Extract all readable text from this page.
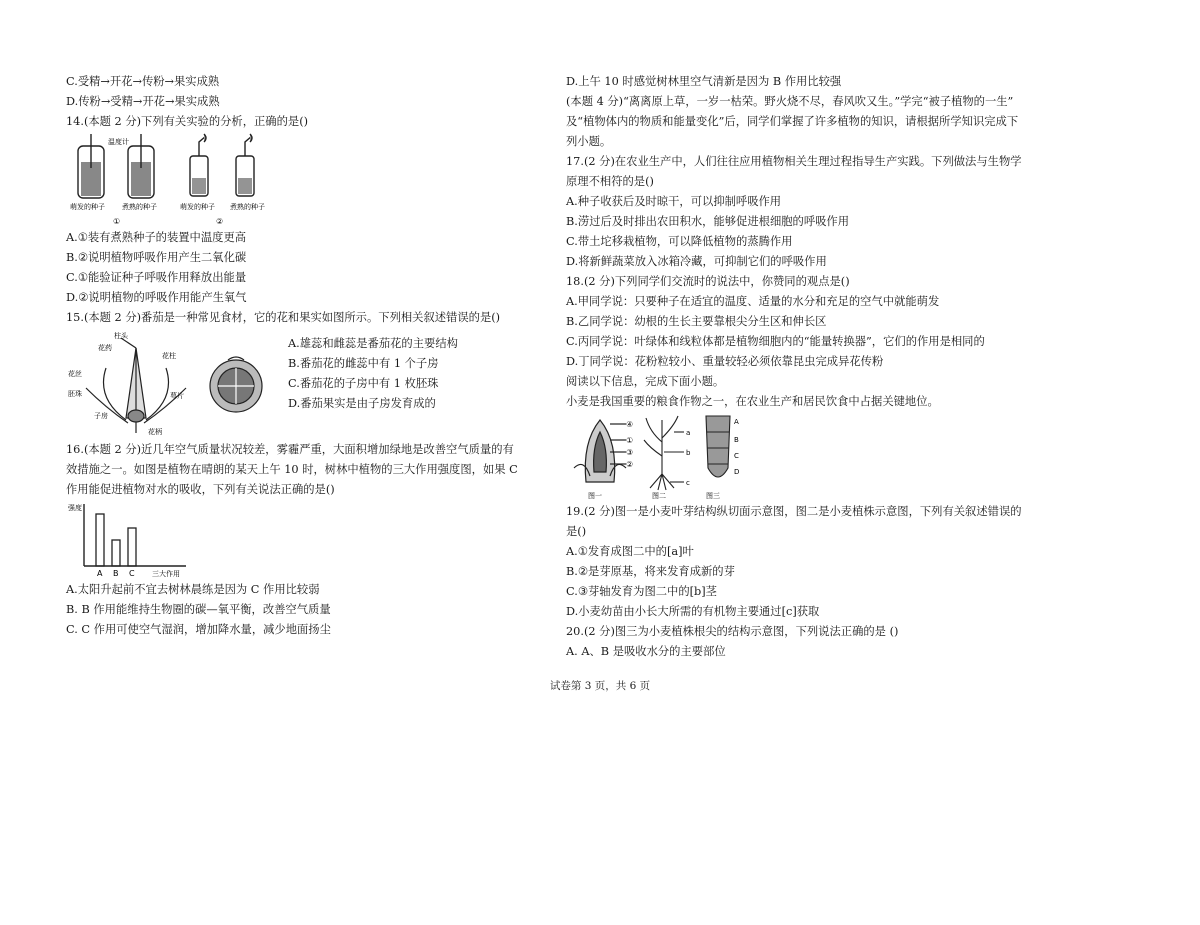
C.受精→开花→传粉→果实成熟
D.传粉→受精→开花→果实成熟
14.(本题 2 分)下列有关实验的分析，正确的是()
温度计
萌发的种子 煮熟的种子
①
萌发的种子 煮熟的种子
②
A.①装有煮熟种子的装置中温度更高
B.②说明植物呼吸作用产生二氧化碳
C.①能验证种子呼吸作用释放出能量
D.②说明植物的呼吸作用能产生氧气
15.(本题 2 分)番茄是一种常见食材，它的花和果实如图所示。下列相关叙述错误的是()
柱头
花药
花柱
花丝
胚珠	萼片
子房
花柄
A.雄蕊和雌蕊是番茄花的主要结构
B.番茄花的雌蕊中有 1 个子房
C.番茄花的子房中有 1 枚胚珠
D.番茄果实是由子房发育成的
16.(本题 2 分)近几年空气质量状况较差，雾霾严重，大面积增加绿地是改善空气质量的有
效措施之一。如图是植物在晴朗的某天上午 10 时，树林中植物的三大作用强度图，如果 C
作用能促进植物对水的吸收，下列有关说法正确的是()
强度
A B C 三大作用
A.太阳升起前不宜去树林晨练是因为 C 作用比较弱
B. B 作用能维持生物圈的碳—氧平衡，改善空气质量
C. C 作用可使空气湿润，增加降水量，减少地面扬尘
D.上午 10 时感觉树林里空气清新是因为 B 作用比较强
(本题 4 分)“离离原上草，一岁一枯荣。野火烧不尽，春风吹又生。”学完“被子植物的一生”
及“植物体内的物质和能量变化”后，同学们掌握了许多植物的知识，请根据所学知识完成下
列小题。
17.(2 分)在农业生产中，人们往往应用植物相关生理过程指导生产实践。下列做法与生物学
原理不相符的是()
A.种子收获后及时晾干，可以抑制呼吸作用
B.涝过后及时排出农田积水，能够促进根细胞的呼吸作用
C.带土坨移栽植物，可以降低植物的蒸腾作用
D.将新鲜蔬菜放入冰箱冷藏，可抑制它们的呼吸作用
18.(2 分)下列同学们交流时的说法中，你赞同的观点是()
A.甲同学说：只要种子在适宜的温度、适量的水分和充足的空气中就能萌发
B.乙同学说：幼根的生长主要靠根尖分生区和伸长区
C.丙同学说：叶绿体和线粒体都是植物细胞内的“能量转换器”，它们的作用是相同的
D.丁同学说：花粉粒较小、重量较轻必须依靠昆虫完成异花传粉
阅读以下信息，完成下面小题。
小麦是我国重要的粮食作物之一，在农业生产和居民饮食中占据关键地位。
④
①
③
②
图一
a
b
c
图二
A
B
C
D
图三
19.(2 分)图一是小麦叶芽结构纵切面示意图，图二是小麦植株示意图，下列有关叙述错误的
是()
A.①发育成图二中的[a]叶
B.②是芽原基，将来发育成新的芽
C.③芽轴发育为图二中的[b]茎
D.小麦幼苗由小长大所需的有机物主要通过[c]获取
20.(2 分)图三为小麦植株根尖的结构示意图，下列说法正确的是 ()
A. A、B 是吸收水分的主要部位
试卷第 3 页，共 6 页
